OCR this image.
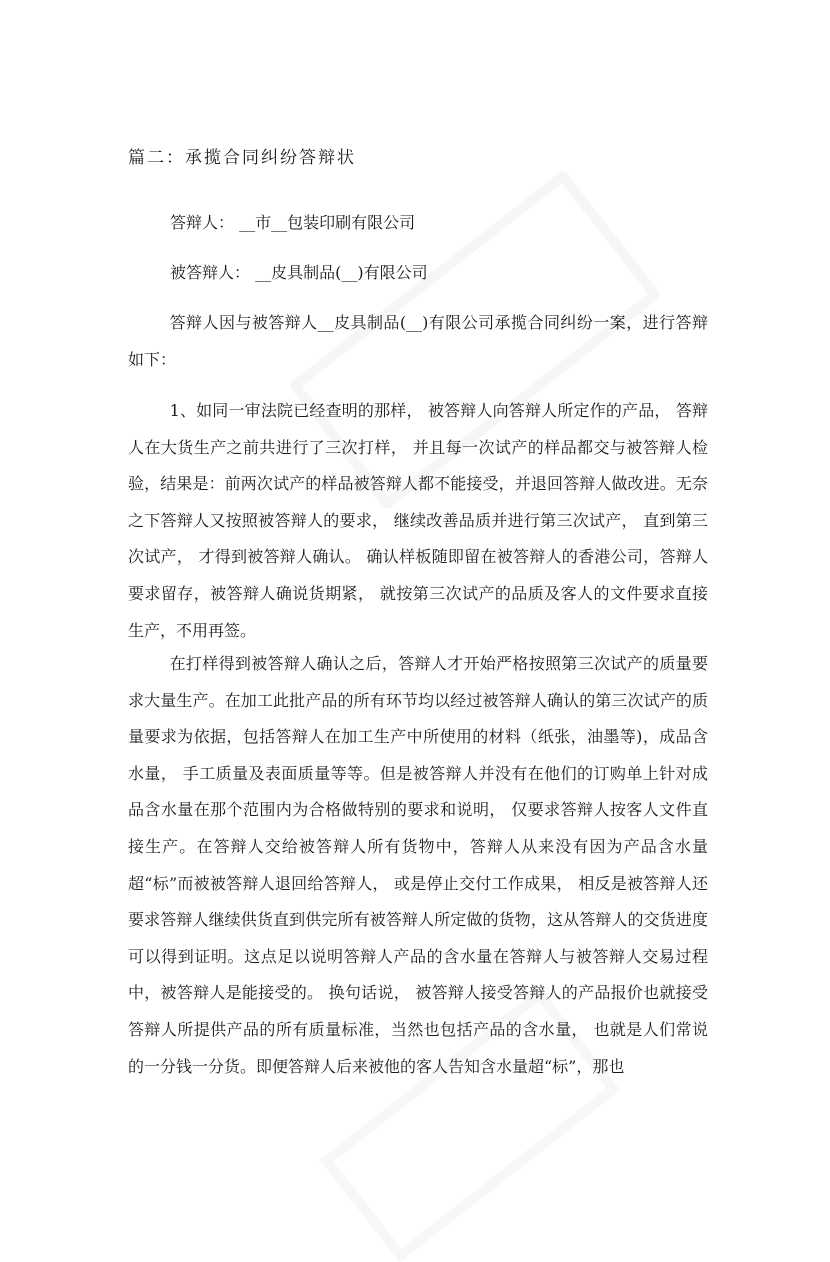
篇二：承揽合同纠纷答辩状

答辩人： __市__包装印刷有限公司

被答辩人： __皮具制品(__)有限公司

答辩人因与被答辩人__皮具制品(__)有限公司承揽合同纠纷一案，进行答辩如下：

1、如同一审法院已经查明的那样， 被答辩人向答辩人所定作的产品， 答辩人在大货生产之前共进行了三次打样， 并且每一次试产的样品都交与被答辩人检验，结果是：前两次试产的样品被答辩人都不能接受，并退回答辩人做改进。无奈之下答辩人又按照被答辩人的要求， 继续改善品质并进行第三次试产， 直到第三次试产， 才得到被答辩人确认。 确认样板随即留在被答辩人的香港公司，答辩人要求留存，被答辩人确说货期紧， 就按第三次试产的品质及客人的文件要求直接生产，不用再签。

在打样得到被答辩人确认之后，答辩人才开始严格按照第三次试产的质量要求大量生产。在加工此批产品的所有环节均以经过被答辩人确认的第三次试产的质量要求为依据，包括答辩人在加工生产中所使用的材料（纸张，油墨等)，成品含水量， 手工质量及表面质量等等。但是被答辩人并没有在他们的订购单上针对成品含水量在那个范围内为合格做特别的要求和说明， 仅要求答辩人按客人文件直接生产。在答辩人交给被答辩人所有货物中，答辩人从来没有因为产品含水量超“标”而被被答辩人退回给答辩人， 或是停止交付工作成果， 相反是被答辩人还要求答辩人继续供货直到供完所有被答辩人所定做的货物，这从答辩人的交货进度可以得到证明。这点足以说明答辩人产品的含水量在答辩人与被答辩人交易过程中，被答辩人是能接受的。 换句话说， 被答辩人接受答辩人的产品报价也就接受答辩人所提供产品的所有质量标准，当然也包括产品的含水量， 也就是人们常说的一分钱一分货。即便答辩人后来被他的客人告知含水量超“标”，那也
